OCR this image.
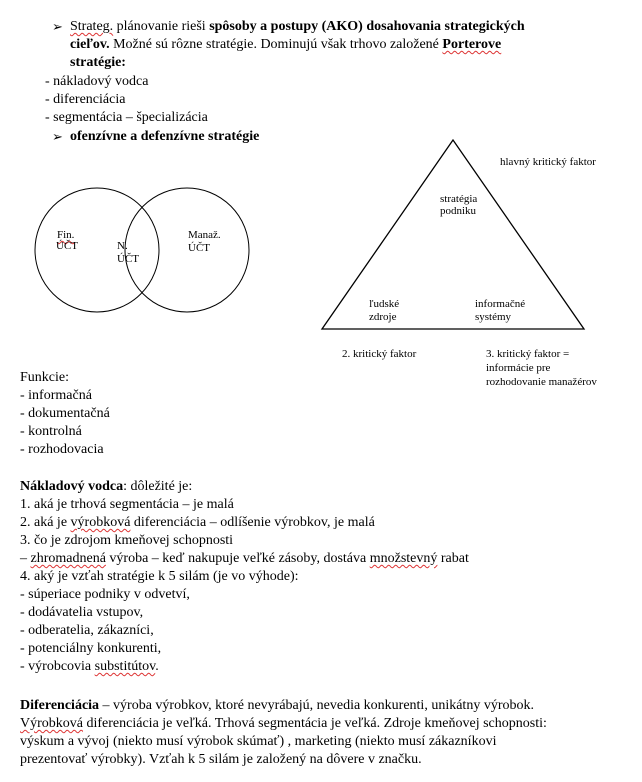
➢ Strateg. plánovanie rieši spôsoby a postupy (AKO) dosahovania strategických
cieľov. Možné sú rôzne stratégie. Dominujú však trhovo založené Porterove
stratégie:
- nákladový vodca
- diferenciácia
- segmentácia – špecializácia
➢ ofenzívne a defenzívne stratégie
Fin.
ÚČT	N.
ÚČT
Manaž.
ÚČT
hlavný kritický faktor
stratégia
podniku
ľudské
zdroje
informačné
systémy
2. kritický faktor	3. kritický faktor =
informácie pre
rozhodovanie manažérov
Funkcie:
- informačná
- dokumentačná
- kontrolná
- rozhodovacia
Nákladový vodca: dôležité je:
1. aká je trhová segmentácia – je malá
2. aká je výrobková diferenciácia – odlíšenie výrobkov, je malá
3. čo je zdrojom kmeňovej schopnosti
– zhromadnená výroba – keď nakupuje veľké zásoby, dostáva množstevný rabat
4. aký je vzťah stratégie k 5 silám (je vo výhode):
- súperiace podniky v odvetví,
- dodávatelia vstupov,
- odberatelia, zákazníci,
- potenciálny konkurenti,
- výrobcovia substitútov.
Diferenciácia – výroba výrobkov, ktoré nevyrábajú, nevedia konkurenti, unikátny výrobok.
Výrobková diferenciácia je veľká. Trhová segmentácia je veľká. Zdroje kmeňovej schopnosti:
výskum a vývoj (niekto musí výrobok skúmať) , marketing (niekto musí zákazníkovi
prezentovať výrobky). Vzťah k 5 silám je založený na dôvere v značku.
